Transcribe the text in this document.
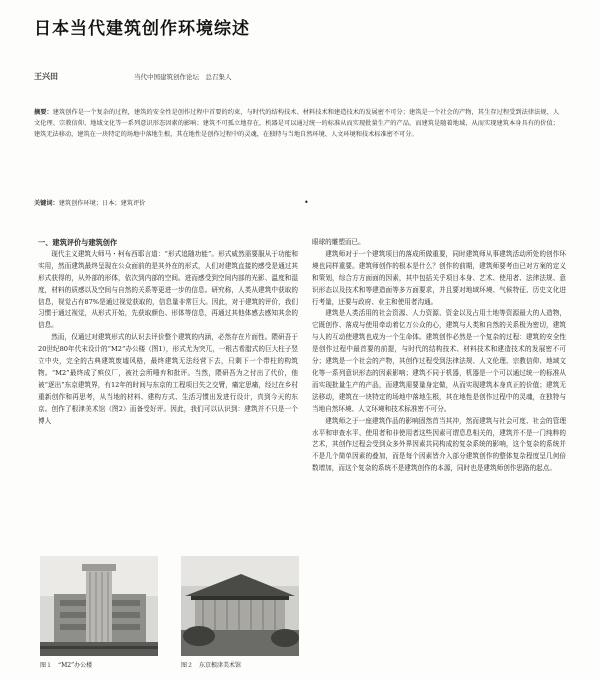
日本当代建筑创作环境综述
王兴田	当代中国建筑创作论坛　总召集人
摘要：建筑创作是一个复杂的过程，建筑的安全性是创作过程中首要的约束，与时代的结构技术、材料技术和建造技术的发展密不可分；建筑是一个社会的产物，其生存过程受到法律法规、人文伦理、宗教信仰、地域文化等一系列意识形态因素的影响；建筑不可孤立地存在，机器是可以通过统一的标准从而实现批量生产的产品，而建筑是随着地域、从而实现建筑本身具有的价值；建筑无法移动，建筑在一块特定的场地中落地生根，其在地性是创作过程中的灵魂，在独特与当地自然环境、人文环境和技术标准密不可分。
关键词：建筑创作环境；日本；建筑评价	•
一、建筑评价与建筑创作

现代主义建筑大师马・柯布西耶言道：“形式追随功能”。形式威然需要服从于功能和实用，然而建筑最终呈现在公众面前的是其外在的形式，人们对建筑直接的感受是通过其形式获得的，从外部的形体，依次到内部的空间。进而感受到空间内部的光影、温度和湿度，材料的质感以及空间与自然的关系等更进一步的信息。研究称，人类从建筑中获取的信息，视觉占有87%是通过视觉获取的，信息量非常巨大。因此，对于建筑的评价，我们习惯于通过视觉，从形式开始，先获取颜色、形体等信息，再通过其他体感去感知其余的信息。

然而，仅通过对建筑形式的认识去评价整个建筑的内涵，必然存在片面性。隈研吾于20世纪80年代末设计的“M2”办公楼（图1），形式尤为突兀，一根古希腊式的巨大柱子竖立中央，完全的古典建筑废墟风格，最终建筑无法经营下去，只剩下一个带柱的构筑物。“M2”最终成了殡仪厂，被社会所唾弃和批评。当然，隈研吾为之付出了代价，他被“逐出”东京建筑界，有12年的时间与东京的工程项目失之交臂，痛定思痛，经过在乡村重新创作和再思考，从当地的材料、建构方式、生活习惯出发进行设计，真到今天的东京。创作了根津美术馆（图2）而备受好评。因此，我们可以认识到：建筑并不只是一个博人

眼球的雕塑而已。

建筑师对于一个建筑项目的落成所做重要，同时建筑师从事建筑活动所处的创作环境也同样重要。建筑师创作的根本是什么？创作的前期，建筑师要考由已对方案的定义和策划，综合方方面面的因素，其中包括关乎项目本身、艺术、使用者、法律法规、意识形态以及技术和等建造面等多方面要求，并且要对地域环境、气候特征、历史文化进行考量，还要与政府、业主和使用者沟通。

建筑是人类活用的社会资源、人力资源、资金以及占用土地等资源最大的人造物，它既创作、落成与使用牵动着亿万公众的心，建筑与人类和自然的关系极为密切，建筑与人的互动使建筑也成为一个生命体。建筑创作必然是一个复杂的过程：建筑的安全性是创作过程中最首要的前提，与时代的结构技术、材料技术和建造技术的发展密不可分；建筑是一个社会的产物，其创作过程受到法律法规、人文伦理、宗教信仰、地域文化等一系列意识形态的因素影响；建筑不同于机器，机器是一个可以通过统一的标准从而实现批量生产的产品，而建筑需要量身定做，从而实现建筑本身真正的价值；建筑无法移动，建筑在一块特定的场地中落地生根，其在地性是创作过程中的灵魂，在独特与当地自然环境、人文环境和技术标准密不可分。

建筑师之于一座建筑作品的影响固然首当其冲，然而建筑与社会可度、社会的管理水平和审查水平、使用者和非使用者这些因素可谓息息相关的，建筑并不是一门纯粹的艺术，其创作过程会受到众多外界因素共同构成的复杂系统的影响，这个复杂的系统并不是几个简单因素的叠加，而是每个因素皆介入部分建筑创作的整体复杂程度呈几何倍数增加，而这个复杂的系统不是建筑创作的本源，同时也是建筑师创作思路的起点。

图１　“M2”办公楼	图２　东京根津美术馆
